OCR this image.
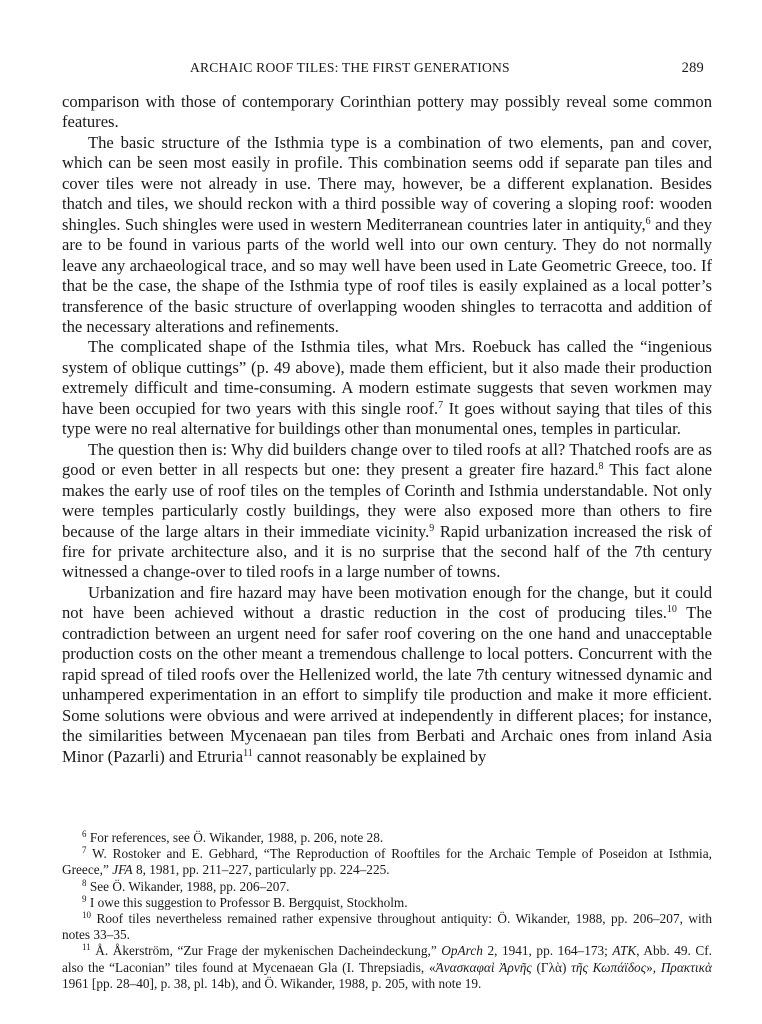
ARCHAIC ROOF TILES: THE FIRST GENERATIONS	289

comparison with those of contemporary Corinthian pottery may possibly reveal some common features.

The basic structure of the Isthmia type is a combination of two elements, pan and cover, which can be seen most easily in profile. This combination seems odd if separate pan tiles and cover tiles were not already in use. There may, however, be a different explanation. Besides thatch and tiles, we should reckon with a third possible way of covering a sloping roof: wooden shingles. Such shingles were used in western Mediterranean countries later in antiquity,$^6$ and they are to be found in various parts of the world well into our own century. They do not normally leave any archaeological trace, and so may well have been used in Late Geometric Greece, too. If that be the case, the shape of the Isthmia type of roof tiles is easily explained as a local potter’s transference of the basic structure of overlapping wooden shingles to terracotta and addition of the necessary alterations and refinements.

The complicated shape of the Isthmia tiles, what Mrs. Roebuck has called the “ingenious system of oblique cuttings” (p. 49 above), made them efficient, but it also made their production extremely difficult and time-consuming. A modern estimate suggests that seven workmen may have been occupied for two years with this single roof.$^7$ It goes without saying that tiles of this type were no real alternative for buildings other than monumental ones, temples in particular.

The question then is: Why did builders change over to tiled roofs at all? Thatched roofs are as good or even better in all respects but one: they present a greater fire hazard.$^8$ This fact alone makes the early use of roof tiles on the temples of Corinth and Isthmia understandable. Not only were temples particularly costly buildings, they were also exposed more than others to fire because of the large altars in their immediate vicinity.$^9$ Rapid urbanization increased the risk of fire for private architecture also, and it is no surprise that the second half of the 7th century witnessed a change-over to tiled roofs in a large number of towns.

Urbanization and fire hazard may have been motivation enough for the change, but it could not have been achieved without a drastic reduction in the cost of producing tiles.$^{10}$ The contradiction between an urgent need for safer roof covering on the one hand and unacceptable production costs on the other meant a tremendous challenge to local potters. Concurrent with the rapid spread of tiled roofs over the Hellenized world, the late 7th century witnessed dynamic and unhampered experimentation in an effort to simplify tile production and make it more efficient. Some solutions were obvious and were arrived at independently in different places; for instance, the similarities between Mycenaean pan tiles from Berbati and Archaic ones from inland Asia Minor (Pazarli) and Etruria$^{11}$ cannot reasonably be explained by

$^6$ For references, see Ö. Wikander, 1988, p. 206, note 28.

$^7$ W. Rostoker and E. Gebhard, “The Reproduction of Rooftiles for the Archaic Temple of Poseidon at Isthmia, Greece,” JFA 8, 1981, pp. 211–227, particularly pp. 224–225.

$^8$ See Ö. Wikander, 1988, pp. 206–207.

$^9$ I owe this suggestion to Professor B. Bergquist, Stockholm.

$^{10}$ Roof tiles nevertheless remained rather expensive throughout antiquity: Ö. Wikander, 1988, pp. 206–207, with notes 33–35.

$^{11}$ Å. Åkerström, “Zur Frage der mykenischen Dacheindeckung,” OpArch 2, 1941, pp. 164–173; ATK, Abb. 49. Cf. also the “Laconian” tiles found at Mycenaean Gla (I. Threpsiadis, «Ἀνασκαφαὶ Ἀρνῆς (Γλὰ) τῆς Κωπάϊδος», Πρακτικὰ 1961 [pp. 28–40], p. 38, pl. 14b), and Ö. Wikander, 1988, p. 205, with note 19.
